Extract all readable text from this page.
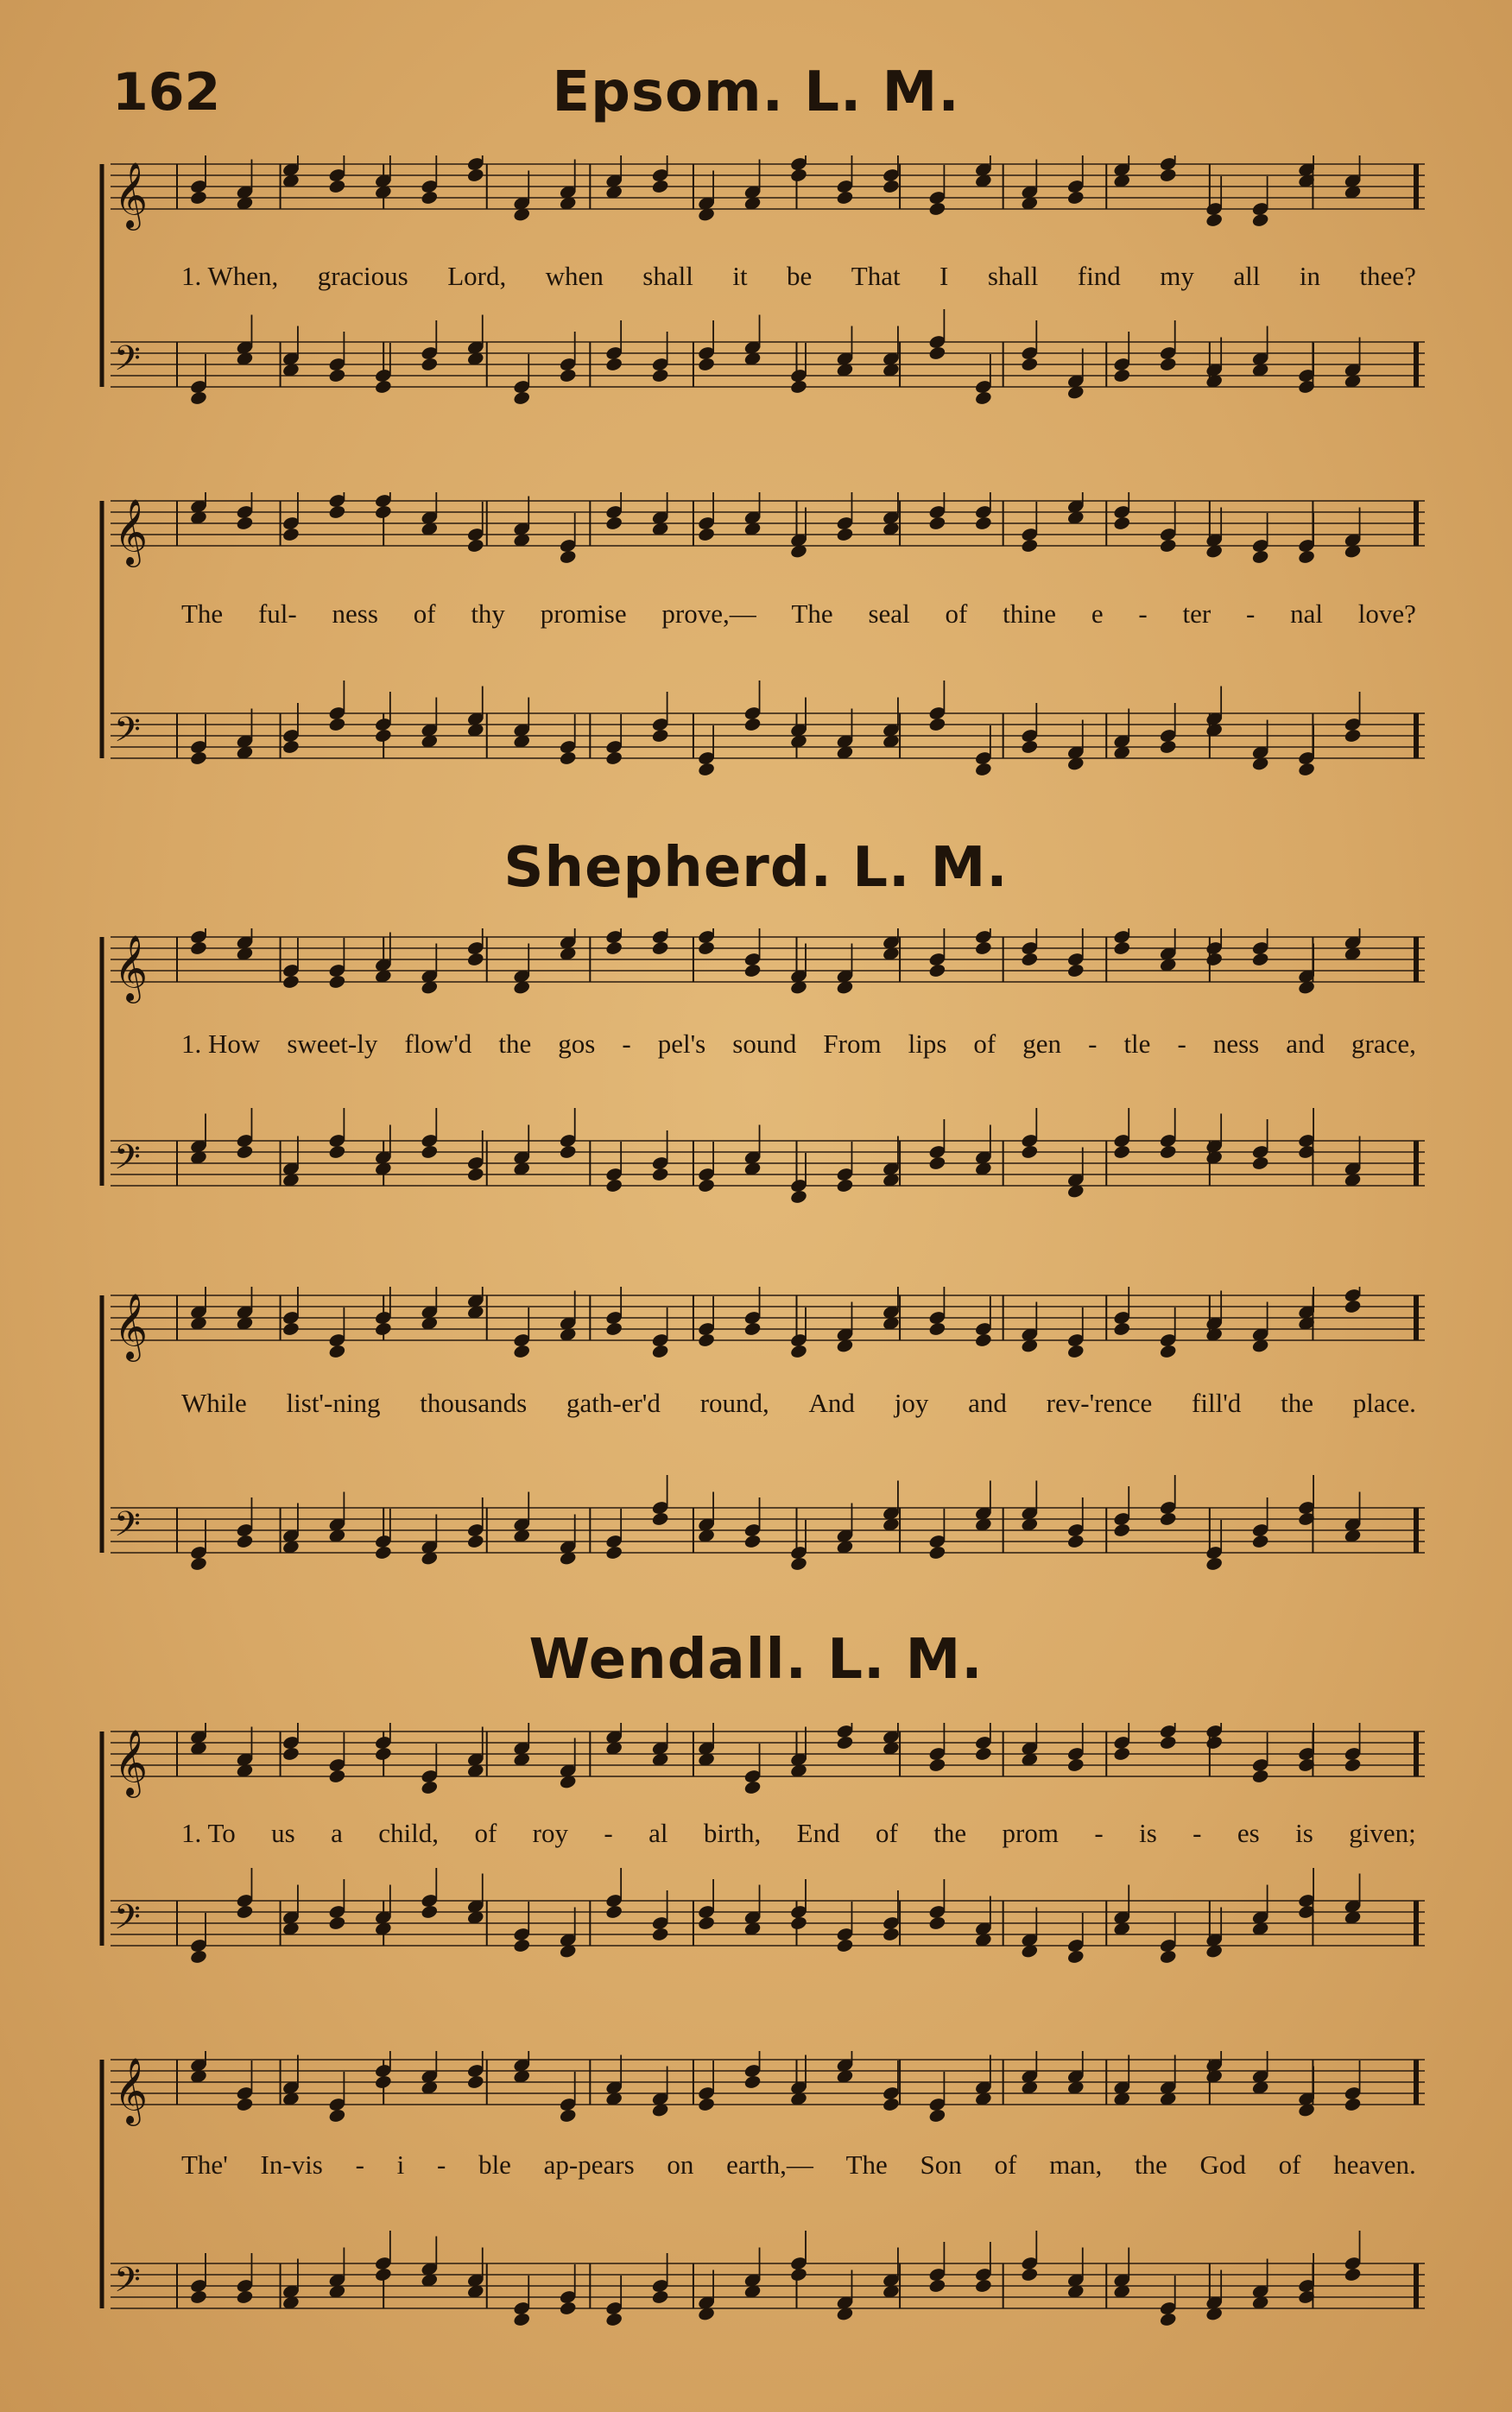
162	Epsom. L. M.
𝄞
𝄢
1. When, gracious Lord, when shall it be That I shall find my all in thee?
𝄞
𝄢
The ful- ness of thy promise prove,— The seal of thine e - ter - nal love?
Shepherd. L. M.
𝄞
𝄢
1. How sweet-ly flow'd the gos - pel's sound From lips of gen - tle - ness and grace,
𝄞
𝄢
While list'-ning thousands gath-er'd round, And joy and rev-'rence fill'd the place.
Wendall. L. M.
𝄞
𝄢
1. To us a child, of roy - al birth, End of the prom - is - es is given;
𝄞
𝄢
The' In-vis - i - ble ap-pears on earth,— The Son of man, the God of heaven.
